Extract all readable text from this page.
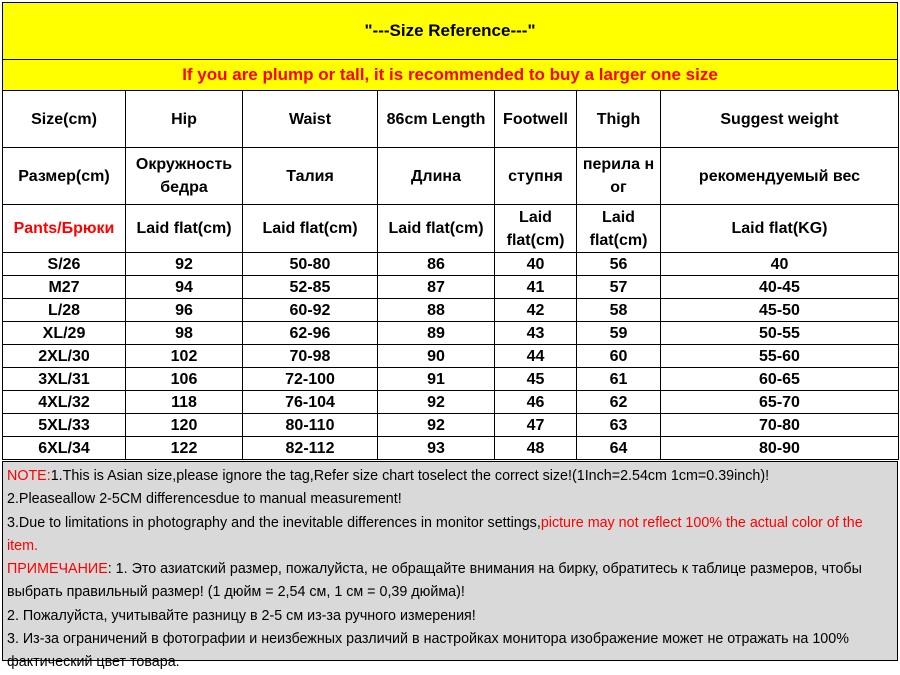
"---Size Reference---"
If you are plump or tall, it is recommended to buy a larger one size
Size(cm)	Hip	Waist	86cm Length	Footwell	Thigh	Suggest weight
Размер(cm)	Окружность бедра	Талия	Длина	ступня	перила н ог	рекомендуемый вес
Pants/Брюки	Laid flat(cm)	Laid flat(cm)	Laid flat(cm)	Laid flat(cm)	Laid flat(cm)	Laid flat(KG)
S/26	92	50-80	86	40	56	40
M27	94	52-85	87	41	57	40-45
L/28	96	60-92	88	42	58	45-50
XL/29	98	62-96	89	43	59	50-55
2XL/30	102	70-98	90	44	60	55-60
3XL/31	106	72-100	91	45	61	60-65
4XL/32	118	76-104	92	46	62	65-70
5XL/33	120	80-110	92	47	63	70-80
6XL/34	122	82-112	93	48	64	80-90
NOTE:1.This is Asian size,please ignore the tag,Refer size chart toselect the correct size!(1Inch=2.54cm 1cm=0.39inch)!
2.Pleaseallow 2-5CM differencesdue to manual measurement!
3.Due to limitations in photography and the inevitable differences in monitor settings,picture may not reflect 100% the actual color of the item.
ПРИМЕЧАНИЕ: 1. Это азиатский размер, пожалуйста, не обращайте внимания на бирку, обратитесь к таблице размеров, чтобы выбрать правильный размер! (1 дюйм = 2,54 см, 1 см = 0,39 дюйма)!
2. Пожалуйста, учитывайте разницу в 2-5 см из-за ручного измерения!
3. Из-за ограничений в фотографии и неизбежных различий в настройках монитора изображение может не отражать на 100% фактический цвет товара.
